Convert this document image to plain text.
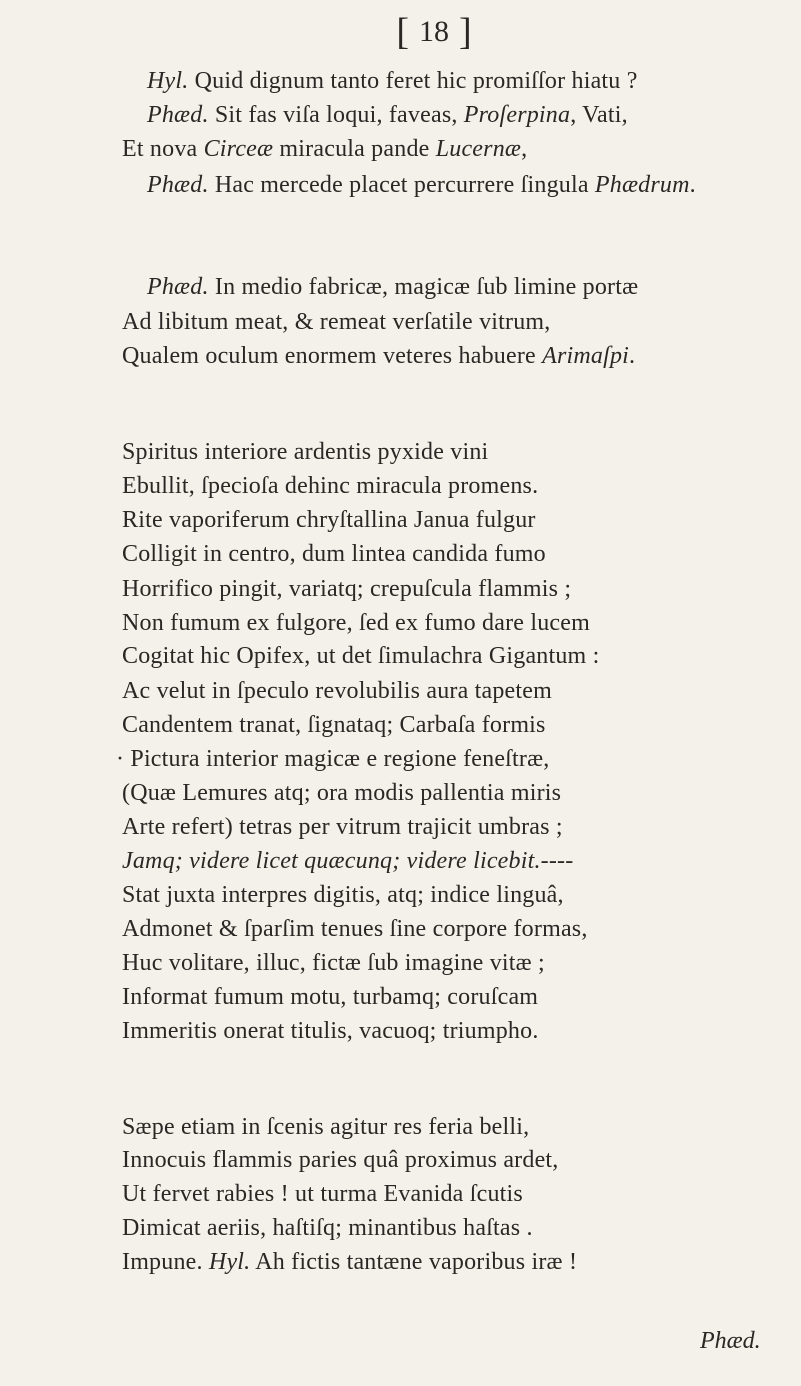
[ 18 ]
Hyl. Quid dignum tanto feret hic promiſſor hiatu ?
Phæd. Sit fas viſa loqui, faveas, Proſerpina, Vati,
Et nova Circeæ miracula pande Lucernæ,
Phæd. Hac mercede placet percurrere ſingula Phædrum.
Phæd. In medio fabricæ, magicæ ſub limine portæ
Ad libitum meat, & remeat verſatile vitrum,
Qualem oculum enormem veteres habuere Arimaſpi.
Spiritus interiore ardentis pyxide vini
Ebullit, ſpecioſa dehinc miracula promens.
Rite vaporiferum chryſtallina Janua fulgur
Colligit in centro, dum lintea candida fumo
Horrifico pingit, variatq; crepuſcula flammis ;
Non fumum ex fulgore, ſed ex fumo dare lucem
Cogitat hic Opifex, ut det ſimulachra Gigantum :
Ac velut in ſpeculo revolubilis aura tapetem
Candentem tranat, ſignataq; Carbaſa formis
· Pictura interior magicæ e regione feneſtræ,
(Quæ Lemures atq; ora modis pallentia miris
Arte refert) tetras per vitrum trajicit umbras ;
Jamq; videre licet quæcunq; videre licebit.----
Stat juxta interpres digitis, atq; indice linguâ,
Admonet & ſparſim tenues ſine corpore formas,
Huc volitare, illuc, fictæ ſub imagine vitæ ;
Informat fumum motu, turbamq; coruſcam
Immeritis onerat titulis, vacuoq; triumpho.
Sæpe etiam in ſcenis agitur res feria belli,
Innocuis flammis paries quâ proximus ardet,
Ut fervet rabies ! ut turma Evanida ſcutis
Dimicat aeriis, haſtiſq; minantibus haſtas .
Impune. Hyl. Ah fictis tantæne vaporibus iræ !
Phæd.
